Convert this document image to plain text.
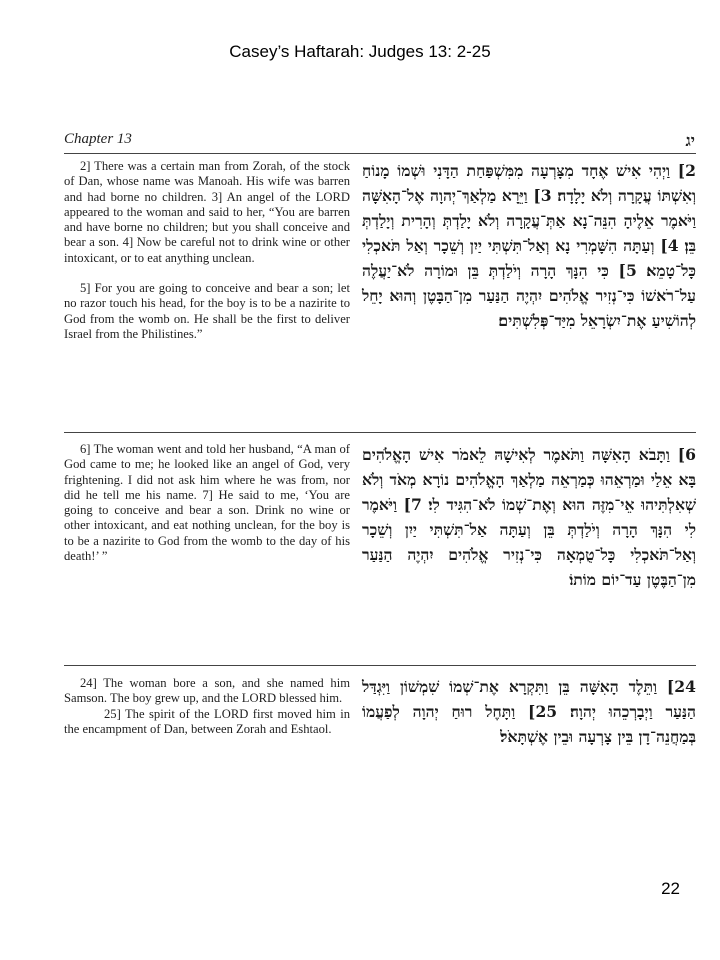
Casey’s Haftarah: Judges 13: 2-25
Chapter 13	יג
2] There was a certain man from Zorah, of the stock of Dan, whose name was Manoah. His wife was barren and had borne no children. 3] An angel of the LORD appeared to the woman and said to her, “You are barren and have borne no children; but you shall conceive and bear a son. 4] Now be careful not to drink wine or other intoxicant, or to eat anything unclean.
5] For you are going to conceive and bear a son; let no razor touch his head, for the boy is to be a nazirite to God from the womb on. He shall be the first to deliver Israel from the Philistines.”
2] וַיְהִי אִישׁ אֶחָד מִצָּרְעָה מִמִּשְׁפַּחַת הַדָּנִי וּשְׁמוֹ מָנוֹחַ וְאִשְׁתּוֹ עֲקָרָה וְלֹא יָלָדָה׃ 3] וַיֵּרָא מַלְאַךְ־יְהוָה אֶל־הָאִשָּׁה וַיֹּאמֶר אֵלֶיהָ הִנֵּה־נָא אַתְּ־עֲקָרָה וְלֹא יָלַדְתְּ וְהָרִית וְיָלַדְתְּ בֵּן׃ 4] וְעַתָּה הִשָּׁמְרִי נָא וְאַל־תִּשְׁתִּי יַיִן וְשֵׁכָר וְאַל תֹּאכְלִי כָּל־טָמֵא׃ 5] כִּי הִנָּךְ הָרָה וְיֹלַדְתְּ בֵּן וּמוֹרָה לֹא־יַעֲלֶה עַל־רֹאשׁוֹ כִּי־נְזִיר אֱלֹהִים יִהְיֶה הַנַּעַר מִן־הַבָּטֶן וְהוּא יָחֵל לְהוֹשִׁיעַ אֶת־יִשְׂרָאֵל מִיַּד־פְּלִשְׁתִּים׃
6] The woman went and told her husband, “A man of God came to me; he looked like an angel of God, very frightening. I did not ask him where he was from, nor did he tell me his name. 7] He said to me, ‘You are going to conceive and bear a son. Drink no wine or other intoxicant, and eat nothing unclean, for the boy is to be a nazirite to God from the womb to the day of his death!’ ”
6] וַתָּבֹא הָאִשָּׁה וַתֹּאמֶר לְאִישָׁהּ לֵאמֹר אִישׁ הָאֱלֹהִים בָּא אֵלַי וּמַרְאֵהוּ כְּמַרְאֵה מַלְאַךְ הָאֱלֹהִים נוֹרָא מְאֹד וְלֹא שְׁאִלְתִּיהוּ אֵי־מִזֶּה הוּא וְאֶת־שְׁמוֹ לֹא־הִגִּיד לִי׃ 7] וַיֹּאמֶר לִי הִנָּךְ הָרָה וְיֹלַדְתְּ בֵּן וְעַתָּה אַל־תִּשְׁתִּי יַיִן וְשֵׁכָר וְאַל־תֹּאכְלִי כָּל־טֻמְאָה כִּי־נְזִיר אֱלֹהִים יִהְיֶה הַנַּעַר מִן־הַבֶּטֶן עַד־יוֹם מוֹתוֹ׃
24] The woman bore a son, and she named him Samson. The boy grew up, and the LORD blessed him.
25] The spirit of the LORD first moved him in the encampment of Dan, between Zorah and Eshtaol.
24] וַתֵּלֶד הָאִשָּׁה בֵּן וַתִּקְרָא אֶת־שְׁמוֹ שִׁמְשׁוֹן וַיִּגְדַּל הַנַּעַר וַיְבָרְכֵהוּ יְהוָה׃ 25] וַתָּחֶל רוּחַ יְהוָה לְפַעֲמוֹ בְּמַחֲנֵה־דָן בֵּין צָרְעָה וּבֵין אֶשְׁתָּאֹל׃
22
